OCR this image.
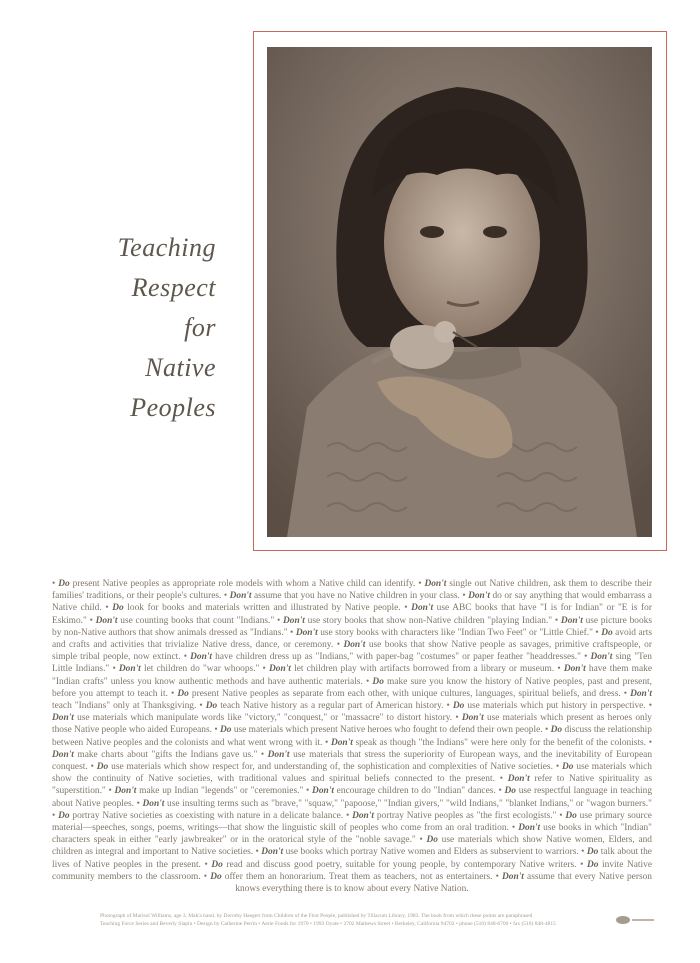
Teaching
Respect
for
Native
Peoples
• Do present Native peoples as appropriate role models with whom a Native child can identify. • Don't single out Native children, ask them to describe their families' traditions, or their people's cultures. • Don't assume that you have no Native children in your class. • Don't do or say anything that would embarrass a Native child. • Do look for books and materials written and illustrated by Native people. • Don't use ABC books that have "I is for Indian" or "E is for Eskimo." • Don't use counting books that count "Indians." • Don't use story books that show non-Native children "playing Indian." • Don't use picture books by non-Native authors that show animals dressed as "Indians." • Don't use story books with characters like "Indian Two Feet" or "Little Chief." • Do avoid arts and crafts and activities that trivialize Native dress, dance, or ceremony. • Don't use books that show Native people as savages, primitive craftspeople, or simple tribal people, now extinct. • Don't have children dress up as "Indians," with paper-bag "costumes" or paper feather "headdresses." • Don't sing "Ten Little Indians." • Don't let children do "war whoops." • Don't let children play with artifacts borrowed from a library or museum. • Don't have them make "Indian crafts" unless you know authentic methods and have authentic materials. • Do make sure you know the history of Native peoples, past and present, before you attempt to teach it. • Do present Native peoples as separate from each other, with unique cultures, languages, spiritual beliefs, and dress. • Don't teach "Indians" only at Thanksgiving. • Do teach Native history as a regular part of American history. • Do use materials which put history in perspective. • Don't use materials which manipulate words like "victory," "conquest," or "massacre" to distort history. • Don't use materials which present as heroes only those Native people who aided Europeans. • Do use materials which present Native heroes who fought to defend their own people. • Do discuss the relationship between Native peoples and the colonists and what went wrong with it. • Don't speak as though "the Indians" were here only for the benefit of the colonists. • Don't make charts about "gifts the Indians gave us." • Don't use materials that stress the superiority of European ways, and the inevitability of European conquest. • Do use materials which show respect for, and understanding of, the sophistication and complexities of Native societies. • Do use materials which show the continuity of Native societies, with traditional values and spiritual beliefs connected to the present. • Don't refer to Native spirituality as "superstition." • Don't make up Indian "legends" or "ceremonies." • Don't encourage children to do "Indian" dances. • Do use respectful language in teaching about Native peoples. • Don't use insulting terms such as "brave," "squaw," "papoose," "Indian givers," "wild Indians," "blanket Indians," or "wagon burners." • Do portray Native societies as coexisting with nature in a delicate balance. • Don't portray Native peoples as "the first ecologists." • Do use primary source material—speeches, songs, poems, writings—that show the linguistic skill of peoples who come from an oral tradition. • Don't use books in which "Indian" characters speak in either "early jawbreaker" or in the oratorical style of the "noble savage." • Do use materials which show Native women, Elders, and children as integral and important to Native societies. • Don't use books which portray Native women and Elders as subservient to warriors. • Do talk about the lives of Native peoples in the present. • Do read and discuss good poetry, suitable for young people, by contemporary Native writers. • Do invite Native community members to the classroom. • Do offer them an honorarium. Treat them as teachers, not as entertainers. • Don't assume that every Native person knows everything there is to know about every Native Nation.

Photograph of Marisol Williams, age 3, Mak'a band, by Dorothy Haegert from Children of the First People, published by Tillacum Library, 1983. The book from which these points are paraphrased

Teaching Force Series and Beverly Slapin • Design by Catherine Perrin • Aerie Foods for 1970 • 1993 Oyate • 2702 Mathews Street • Berkeley, California 94702 • phone (510) 848-6700 • fax (510) 848-4815
